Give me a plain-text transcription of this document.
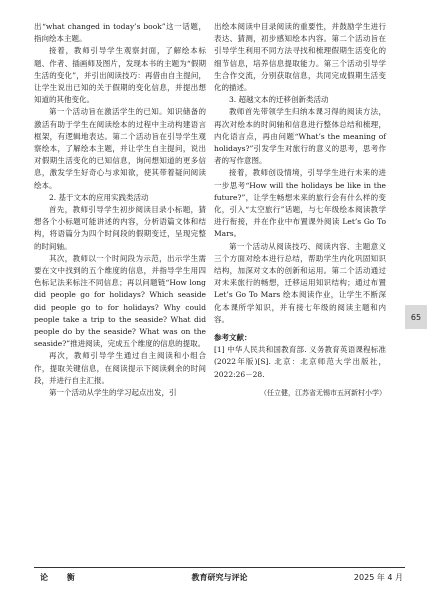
出“what changed in today’s book”这一话题，指向绘本主题。

接着，教师引导学生观察封面，了解绘本标题、作者、插画师及图片，发现本书的主题为“假期生活的变化”，并引出阅读技巧：再借由自主提问，让学生说出已知的关于假期的变化信息，并提出想知道的其他变化。

第一个活动旨在激活学生的已知。知识储备的激活有助于学生在阅读绘本的过程中主动构建语言框架，有逻辑地表达。第二个活动旨在引导学生观察绘本，了解绘本主题，并让学生自主提问，说出对假期生活变化的已知信息，询问想知道的更多信息，激发学生好奇心与求知欲，使其带着疑问阅读绘本。

2. 基于文本的应用实践类活动

首先，教师引导学生初步阅读目录小标题，猜想各个小标题可能讲述的内容，分析语篇文体和结构，将语篇分为四个时间段的假期变迁，呈现完整的时间轴。

其次，教师以一个时间段为示范，出示学生需要在文中找到的五个维度的信息，并指导学生用四色标记法来标注不同信息；再以问题链“How long did people go for holidays? Which seaside did people go to for holidays? Why could people take a trip to the seaside? What did people do by the seaside? What was on the seaside?”推进阅读，完成五个维度的信息的提取。

再次，教师引导学生通过自主阅读和小组合作，提取关键信息，在阅读提示下阅读剩余的时间段，并进行自主汇报。

第一个活动从学生的学习起点出发，引

出绘本阅读中目录阅读的重要性，并鼓励学生进行表达、猜测，初步感知绘本内容。第二个活动旨在引导学生利用不同方法寻找和梳理假期生活变化的细节信息，培养信息提取能力。第三个活动引导学生合作交流，分别获取信息，共同完成假期生活变化的描述。

3. 超越文本的迁移创新类活动

教师首先带领学生归纳本课习得的阅读方法，再次对绘本的时间轴和信息进行整体总结和梳理，内化语言点，再由问题“What’s the meaning of holidays?”引发学生对旅行的意义的思考，思考作者的写作意图。

接着，教师创设情境，引导学生进行未来的进一步思考“How will the holidays be like in the future?”，让学生畅想未来的旅行会有什么样的变化，引入“太空旅行”话题，与七年级绘本阅读教学进行衔接，并在作业中布置课外阅读 Let’s Go To Mars。

第一个活动从阅读技巧、阅读内容、主题意义三个方面对绘本进行总结，帮助学生内化巩固知识结构，加深对文本的创新和运用。第二个活动通过对未来旅行的畅想，迁移运用知识结构；通过布置 Let’s Go To Mars 绘本阅读作业，让学生不断深化本课所学知识，并有接七年级的阅读主题和内容。

参考文献：

[1] 中华人民共和国教育部. 义务教育英语课程标准(2022年版)[S]. 北京：北京师范大学出版社，2022:26－28.

（任立健，江苏省无锡市五河新村小学）

65
论 衡	教育研究与评论	2025 年 4 月
